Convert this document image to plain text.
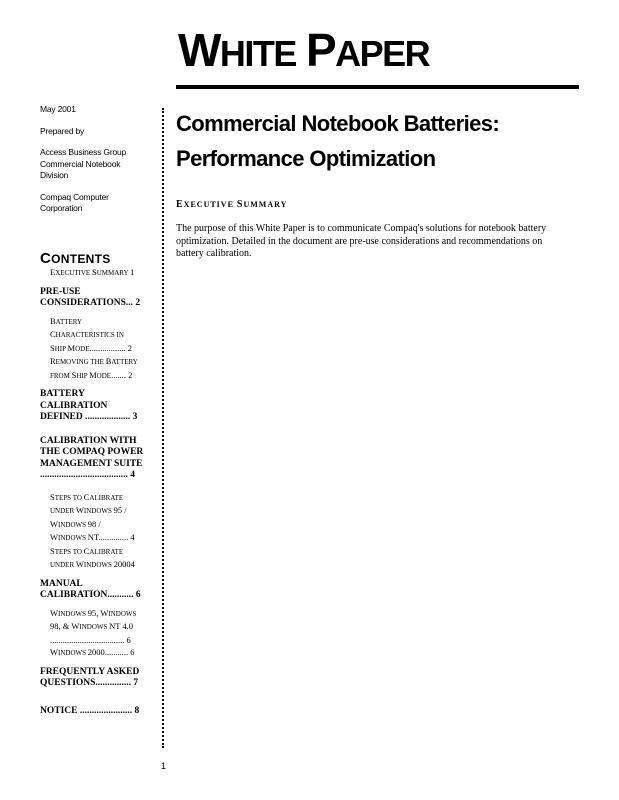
WHITE PAPER
May 2001
Prepared by
Access Business Group
Commercial Notebook
Division
Compaq Computer
Corporation
CONTENTS
EXECUTIVE SUMMARY 1
PRE-USE
CONSIDERATIONS... 2
BATTERY
CHARACTERISTICS IN
SHIP MODE................. 2
REMOVING THE BATTERY
FROM SHIP MODE....... 2
BATTERY
CALIBRATION
DEFINED ................... 3
CALIBRATION WITH
THE COMPAQ POWER
MANAGEMENT SUITE
..................................... 4
STEPS TO CALIBRATE
UNDER WINDOWS 95 /
WINDOWS 98 /
WINDOWS NT.............. 4
STEPS TO CALIBRATE
UNDER WINDOWS 20004
MANUAL
CALIBRATION........... 6
WINDOWS 95, WINDOWS
98, & WINDOWS NT 4.0
................................... 6
WINDOWS 2000........... 6
FREQUENTLY ASKED
QUESTIONS............... 7
NOTICE ...................... 8
Commercial Notebook Batteries:
Performance Optimization
EXECUTIVE SUMMARY
The purpose of this White Paper is to communicate Compaq's solutions for notebook battery optimization. Detailed in the document are pre-use considerations and recommendations on battery calibration.
1
